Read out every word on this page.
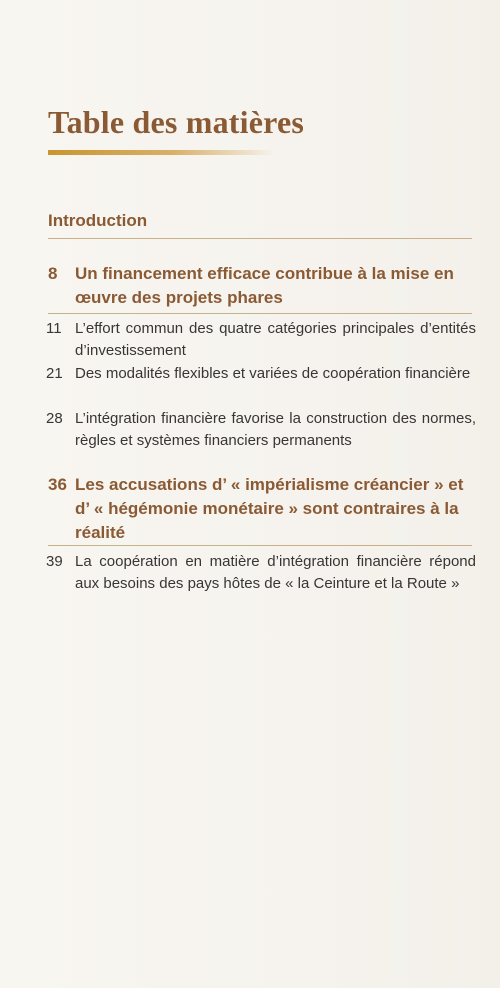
Table des matières
Introduction
8 Un financement efficace contribue à la mise en œuvre des projets phares
11 L’effort commun des quatre catégories principales d’entités d’investissement
21 Des modalités flexibles et variées de coopération financière
28 L’intégration financière favorise la construction des normes, règles et systèmes financiers permanents
36 Les accusations d’ « impérialisme créancier » et d’ « hégémonie monétaire » sont contraires à la réalité
39 La coopération en matière d’intégration financière répond aux besoins des pays hôtes de « la Ceinture et la Route »
